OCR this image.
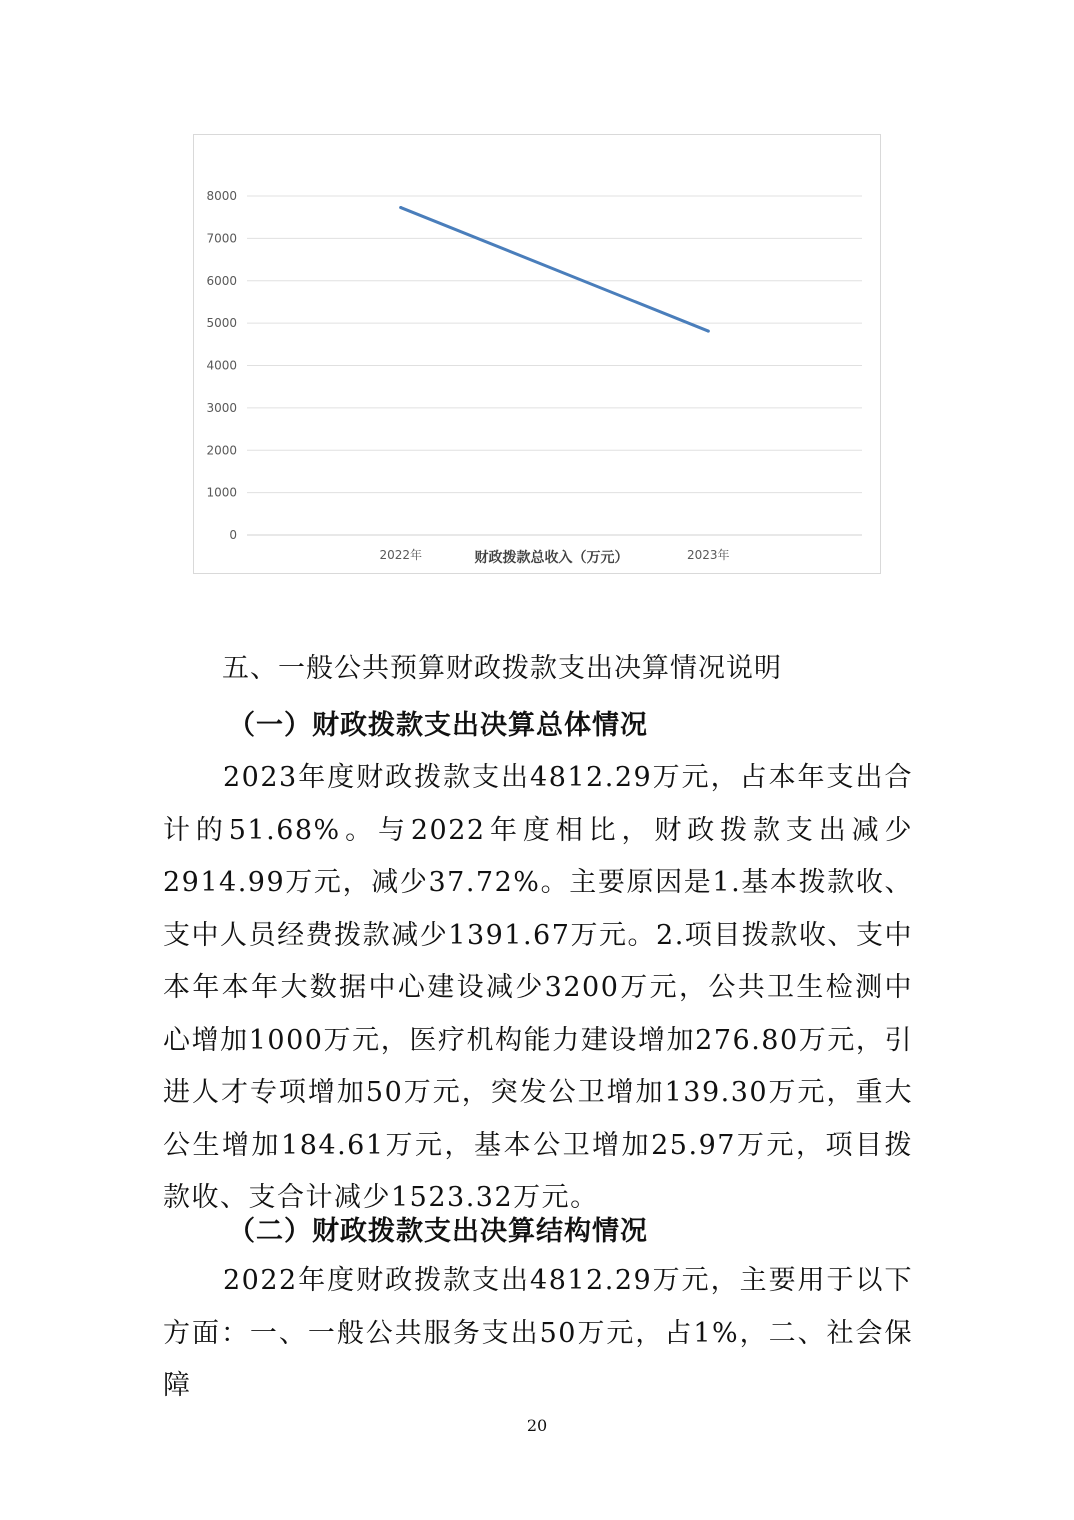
0
1000
2000
3000
4000
5000
6000
7000
8000
2022年	2023年
财政拨款总收入（万元）
五、一般公共预算财政拨款支出决算情况说明
（一）财政拨款支出决算总体情况
2023年度财政拨款支出4812.29万元，占本年支出合计的51.68%。与2022年度相比，财政拨款支出减少2914.99万元，减少37.72%。主要原因是1.基本拨款收、支中人员经费拨款减少1391.67万元。2.项目拨款收、支中本年本年大数据中心建设减少3200万元，公共卫生检测中心增加1000万元，医疗机构能力建设增加276.80万元，引进人才专项增加50万元，突发公卫增加139.30万元，重大公生增加184.61万元，基本公卫增加25.97万元，项目拨款收、支合计减少1523.32万元。
（二）财政拨款支出决算结构情况
2022年度财政拨款支出4812.29万元，主要用于以下方面：一、一般公共服务支出50万元，占1%，二、社会保障
20
